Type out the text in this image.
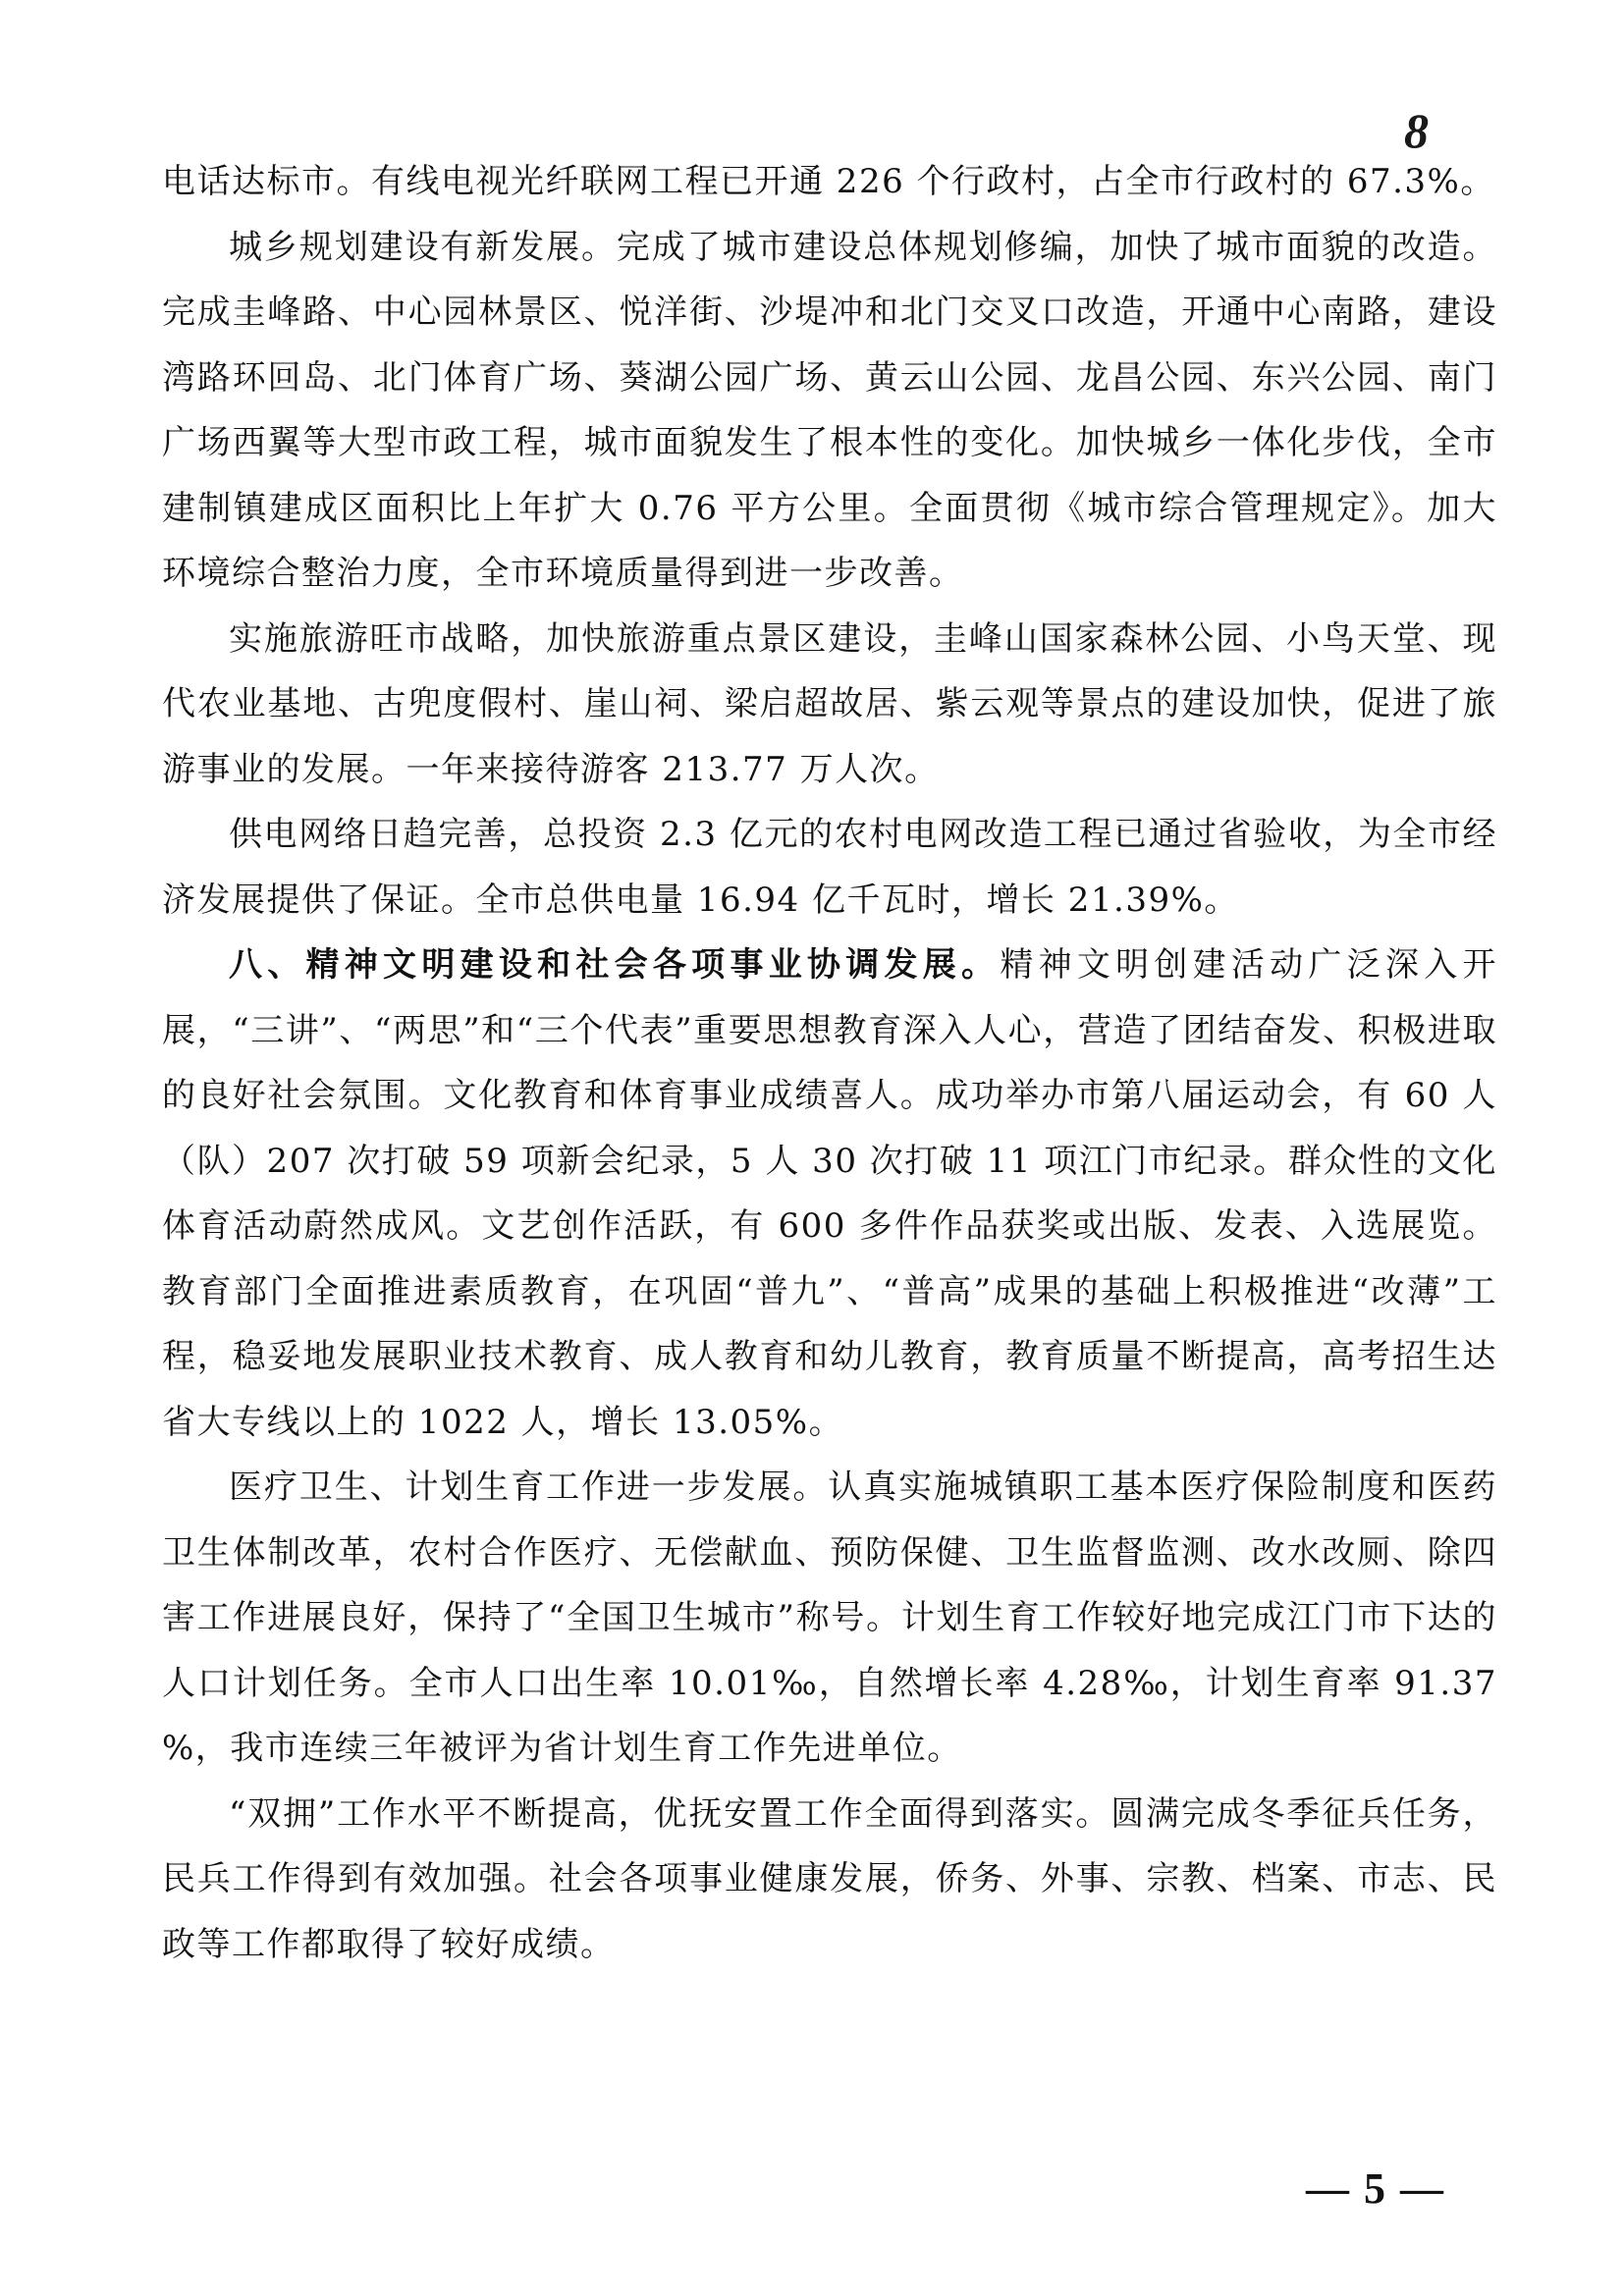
8

电话达标市。有线电视光纤联网工程已开通 226 个行政村，占全市行政村的 67.3%。

城乡规划建设有新发展。完成了城市建设总体规划修编，加快了城市面貌的改造。完成圭峰路、中心园林景区、悦洋街、沙堤冲和北门交叉口改造，开通中心南路，建设　湾路环回岛、北门体育广场、葵湖公园广场、黄云山公园、龙昌公园、东兴公园、南门广场西翼等大型市政工程，城市面貌发生了根本性的变化。加快城乡一体化步伐，全市建制镇建成区面积比上年扩大 0.76 平方公里。全面贯彻《城市综合管理规定》。加大环境综合整治力度，全市环境质量得到进一步改善。

实施旅游旺市战略，加快旅游重点景区建设，圭峰山国家森林公园、小鸟天堂、现代农业基地、古兜度假村、崖山祠、梁启超故居、紫云观等景点的建设加快，促进了旅游事业的发展。一年来接待游客 213.77 万人次。

供电网络日趋完善，总投资 2.3 亿元的农村电网改造工程已通过省验收，为全市经济发展提供了保证。全市总供电量 16.94 亿千瓦时，增长 21.39%。

八、精神文明建设和社会各项事业协调发展。精神文明创建活动广泛深入开展，“三讲”、“两思”和“三个代表”重要思想教育深入人心，营造了团结奋发、积极进取的良好社会氛围。文化教育和体育事业成绩喜人。成功举办市第八届运动会，有 60 人（队）207 次打破 59 项新会纪录，5 人 30 次打破 11 项江门市纪录。群众性的文化体育活动蔚然成风。文艺创作活跃，有 600 多件作品获奖或出版、发表、入选展览。教育部门全面推进素质教育，在巩固“普九”、“普高”成果的基础上积极推进“改薄”工程，稳妥地发展职业技术教育、成人教育和幼儿教育，教育质量不断提高，高考招生达省大专线以上的 1022 人，增长 13.05%。

医疗卫生、计划生育工作进一步发展。认真实施城镇职工基本医疗保险制度和医药卫生体制改革，农村合作医疗、无偿献血、预防保健、卫生监督监测、改水改厕、除四害工作进展良好，保持了“全国卫生城市”称号。计划生育工作较好地完成江门市下达的人口计划任务。全市人口出生率 10.01‰，自然增长率 4.28‰，计划生育率 91.37 %，我市连续三年被评为省计划生育工作先进单位。

“双拥”工作水平不断提高，优抚安置工作全面得到落实。圆满完成冬季征兵任务，民兵工作得到有效加强。社会各项事业健康发展，侨务、外事、宗教、档案、市志、民政等工作都取得了较好成绩。

— 5 —
